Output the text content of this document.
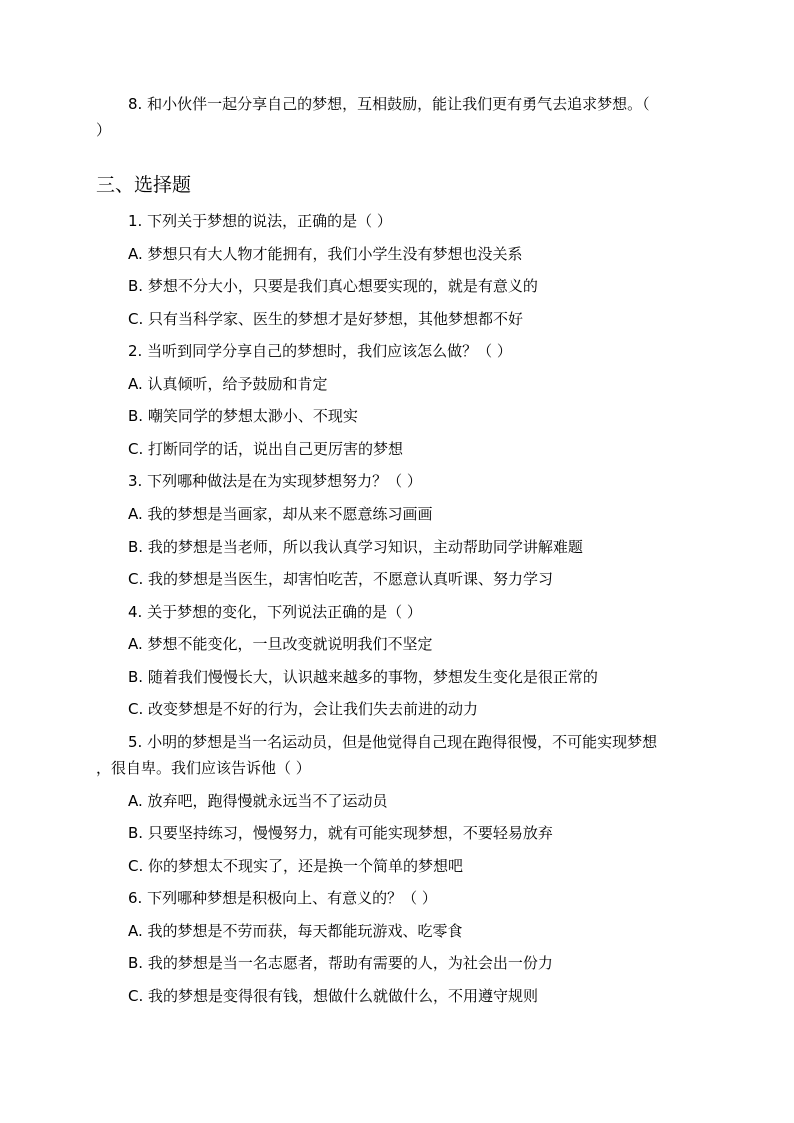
8. 和小伙伴一起分享自己的梦想，互相鼓励，能让我们更有勇气去追求梦想。（
）
三、选择题
1. 下列关于梦想的说法，正确的是（ ）
A. 梦想只有大人物才能拥有，我们小学生没有梦想也没关系
B. 梦想不分大小，只要是我们真心想要实现的，就是有意义的
C. 只有当科学家、医生的梦想才是好梦想，其他梦想都不好
2. 当听到同学分享自己的梦想时，我们应该怎么做？（ ）
A. 认真倾听，给予鼓励和肯定
B. 嘲笑同学的梦想太渺小、不现实
C. 打断同学的话，说出自己更厉害的梦想
3. 下列哪种做法是在为实现梦想努力？（ ）
A. 我的梦想是当画家，却从来不愿意练习画画
B. 我的梦想是当老师，所以我认真学习知识，主动帮助同学讲解难题
C. 我的梦想是当医生，却害怕吃苦，不愿意认真听课、努力学习
4. 关于梦想的变化，下列说法正确的是（ ）
A. 梦想不能变化，一旦改变就说明我们不坚定
B. 随着我们慢慢长大，认识越来越多的事物，梦想发生变化是很正常的
C. 改变梦想是不好的行为，会让我们失去前进的动力
5. 小明的梦想是当一名运动员，但是他觉得自己现在跑得很慢，不可能实现梦想
，很自卑。我们应该告诉他（ ）
A. 放弃吧，跑得慢就永远当不了运动员
B. 只要坚持练习，慢慢努力，就有可能实现梦想，不要轻易放弃
C. 你的梦想太不现实了，还是换一个简单的梦想吧
6. 下列哪种梦想是积极向上、有意义的？（ ）
A. 我的梦想是不劳而获，每天都能玩游戏、吃零食
B. 我的梦想是当一名志愿者，帮助有需要的人，为社会出一份力
C. 我的梦想是变得很有钱，想做什么就做什么，不用遵守规则
